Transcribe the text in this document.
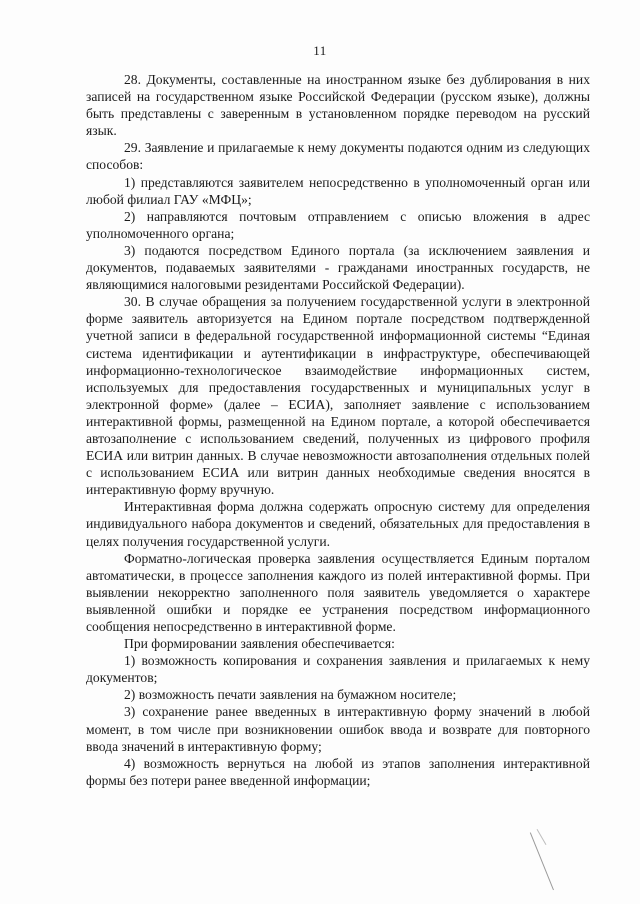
11

28. Документы, составленные на иностранном языке без дублирования в них записей на государственном языке Российской Федерации (русском языке), должны быть представлены с заверенным в установленном порядке переводом на русский язык.

29. Заявление и прилагаемые к нему документы подаются одним из следующих способов:

1) представляются заявителем непосредственно в уполномоченный орган или любой филиал ГАУ «МФЦ»;

2) направляются почтовым отправлением с описью вложения в адрес уполномоченного органа;

3) подаются посредством Единого портала (за исключением заявления и документов, подаваемых заявителями - гражданами иностранных государств, не являющимися налоговыми резидентами Российской Федерации).

30. В случае обращения за получением государственной услуги в электронной форме заявитель авторизуется на Едином портале посредством подтвержденной учетной записи в федеральной государственной информационной системы “Единая система идентификации и аутентификации в инфраструктуре, обеспечивающей информационно-технологическое взаимодействие информационных систем, используемых для предоставления государственных и муниципальных услуг в электронной форме» (далее – ЕСИА), заполняет заявление с использованием интерактивной формы, размещенной на Едином портале, а которой обеспечивается автозаполнение с использованием сведений, полученных из цифрового профиля ЕСИА или витрин данных. В случае невозможности автозаполнения отдельных полей с использованием ЕСИА или витрин данных необходимые сведения вносятся в интерактивную форму вручную.

Интерактивная форма должна содержать опросную систему для определения индивидуального набора документов и сведений, обязательных для предоставления в целях получения государственной услуги.

Форматно-логическая проверка заявления осуществляется Единым порталом автоматически, в процессе заполнения каждого из полей интерактивной формы. При выявлении некорректно заполненного поля заявитель уведомляется о характере выявленной ошибки и порядке ее устранения посредством информационного сообщения непосредственно в интерактивной форме.

При формировании заявления обеспечивается:

1) возможность копирования и сохранения заявления и прилагаемых к нему документов;

2) возможность печати заявления на бумажном носителе;

3) сохранение ранее введенных в интерактивную форму значений в любой момент, в том числе при возникновении ошибок ввода и возврате для повторного ввода значений в интерактивную форму;

4) возможность вернуться на любой из этапов заполнения интерактивной формы без потери ранее введенной информации;
